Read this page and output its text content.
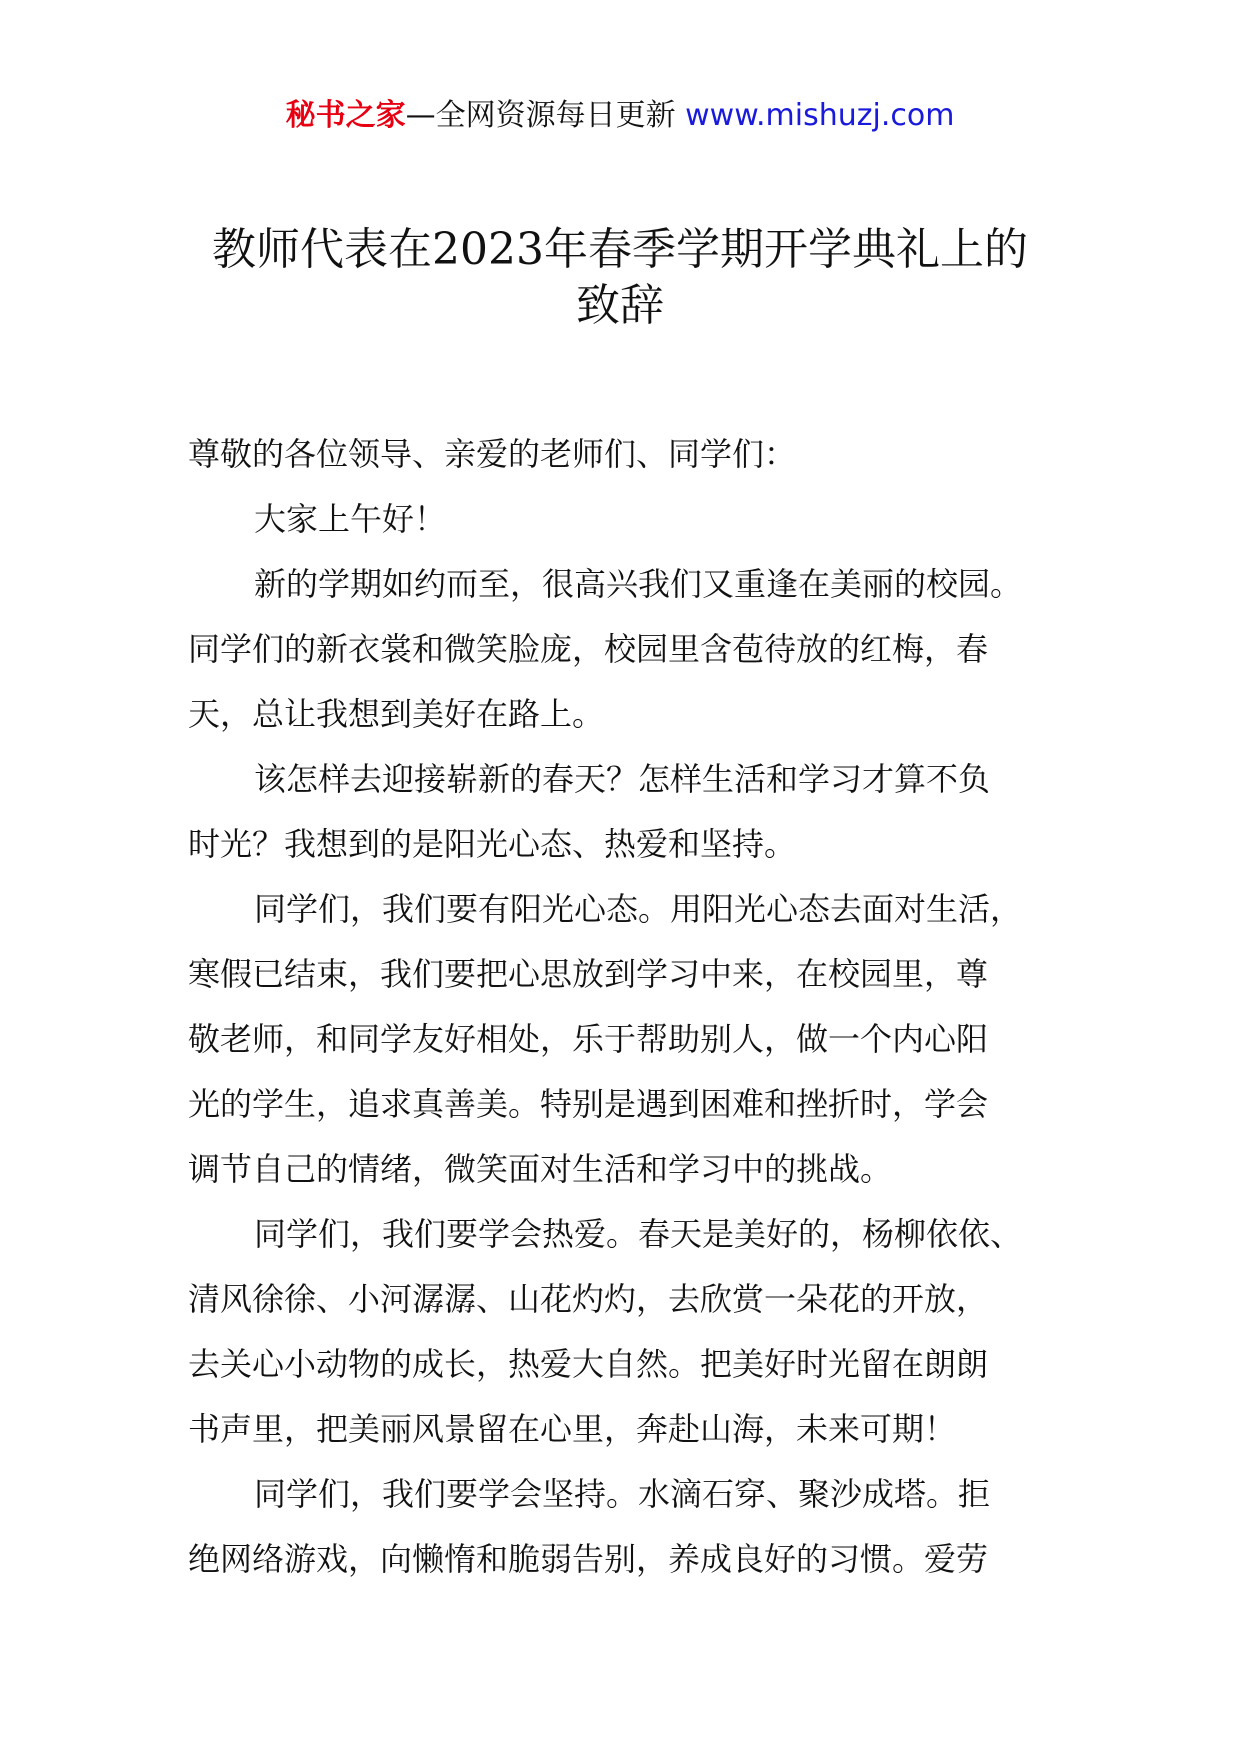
秘书之家—全网资源每日更新 www.mishuzj.com
教师代表在2023年春季学期开学典礼上的
致辞

尊敬的各位领导、亲爱的老师们、同学们：

大家上午好！

新的学期如约而至，很高兴我们又重逢在美丽的校园。

同学们的新衣裳和微笑脸庞，校园里含苞待放的红梅，春

天，总让我想到美好在路上。

该怎样去迎接崭新的春天？怎样生活和学习才算不负

时光？我想到的是阳光心态、热爱和坚持。

同学们，我们要有阳光心态。用阳光心态去面对生活，

寒假已结束，我们要把心思放到学习中来，在校园里，尊

敬老师，和同学友好相处，乐于帮助别人，做一个内心阳

光的学生，追求真善美。特别是遇到困难和挫折时，学会

调节自己的情绪，微笑面对生活和学习中的挑战。

同学们，我们要学会热爱。春天是美好的，杨柳依依、

清风徐徐、小河潺潺、山花灼灼，去欣赏一朵花的开放，

去关心小动物的成长，热爱大自然。把美好时光留在朗朗

书声里，把美丽风景留在心里，奔赴山海，未来可期！

同学们，我们要学会坚持。水滴石穿、聚沙成塔。拒

绝网络游戏，向懒惰和脆弱告别，养成良好的习惯。爱劳
